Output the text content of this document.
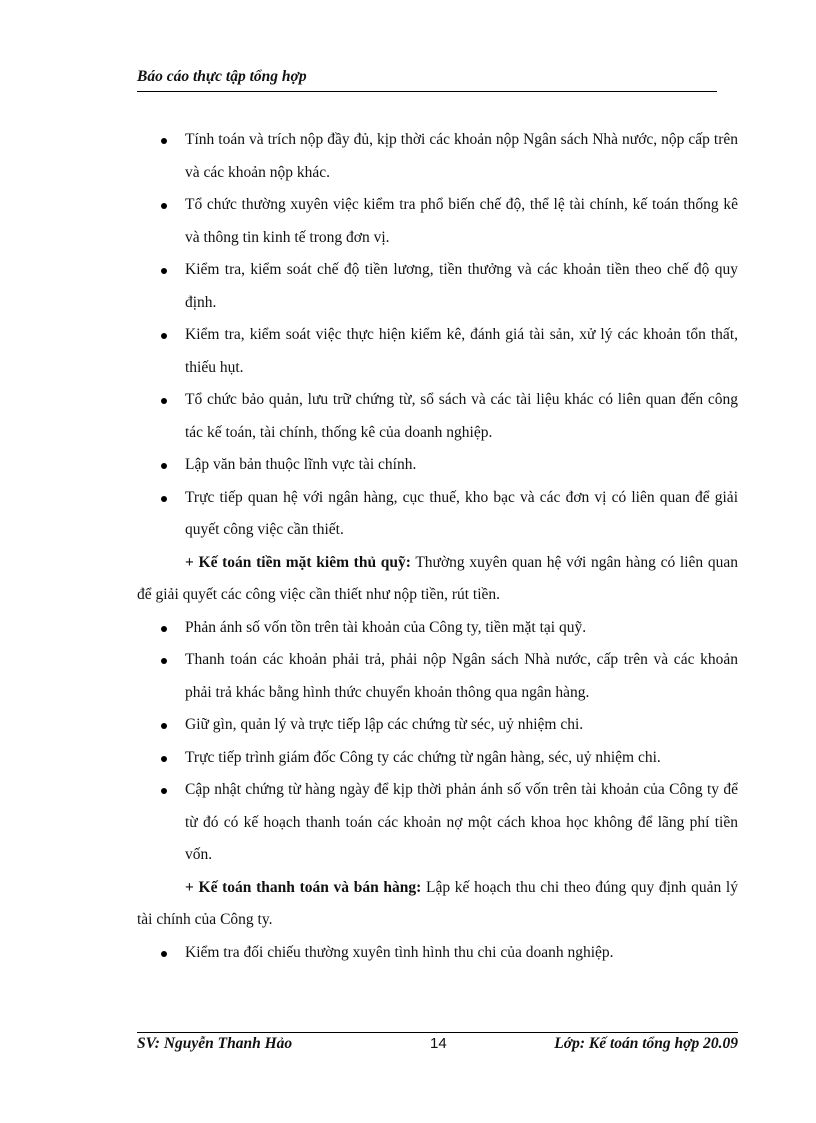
Báo cáo thực tập tổng hợp
Tính toán và trích nộp đầy đủ, kịp thời các khoản nộp Ngân sách Nhà nước, nộp cấp trên và các khoản nộp khác.
Tổ chức thường xuyên việc kiểm tra phổ biến chế độ, thể lệ tài chính, kế toán thống kê và thông tin kinh tế trong đơn vị.
Kiểm tra, kiểm soát chế độ tiền lương, tiền thưởng và các khoản tiền theo chế độ quy định.
Kiểm tra, kiểm soát việc thực hiện kiểm kê, đánh giá tài sản, xử lý các khoản tổn thất, thiếu hụt.
Tổ chức bảo quản, lưu trữ chứng từ, sổ sách và các tài liệu khác có liên quan đến công tác kế toán, tài chính, thống kê của doanh nghiệp.
Lập văn bản thuộc lĩnh vực tài chính.
Trực tiếp quan hệ với ngân hàng, cục thuế, kho bạc và các đơn vị có liên quan để giải quyết công việc cần thiết.

+ Kế toán tiền mặt kiêm thủ quỹ: Thường xuyên quan hệ với ngân hàng có liên quan để giải quyết các công việc cần thiết như nộp tiền, rút tiền.

Phản ánh số vốn tồn trên tài khoản của Công ty, tiền mặt tại quỹ.
Thanh toán các khoản phải trả, phải nộp Ngân sách Nhà nước, cấp trên và các khoản phải trả khác bằng hình thức chuyển khoản thông qua ngân hàng.
Giữ gìn, quản lý và trực tiếp lập các chứng từ séc, uỷ nhiệm chi.
Trực tiếp trình giám đốc Công ty các chứng từ ngân hàng, séc, uỷ nhiệm chi.
Cập nhật chứng từ hàng ngày để kịp thời phản ánh số vốn trên tài khoản của Công ty để từ đó có kế hoạch thanh toán các khoản nợ một cách khoa học không để lãng phí tiền vốn.

+ Kế toán thanh toán và bán hàng: Lập kế hoạch thu chi theo đúng quy định quản lý tài chính của Công ty.

Kiểm tra đối chiếu thường xuyên tình hình thu chi của doanh nghiệp.
SV: Nguyễn Thanh Hảo	14	Lớp: Kế toán tổng hợp 20.09
